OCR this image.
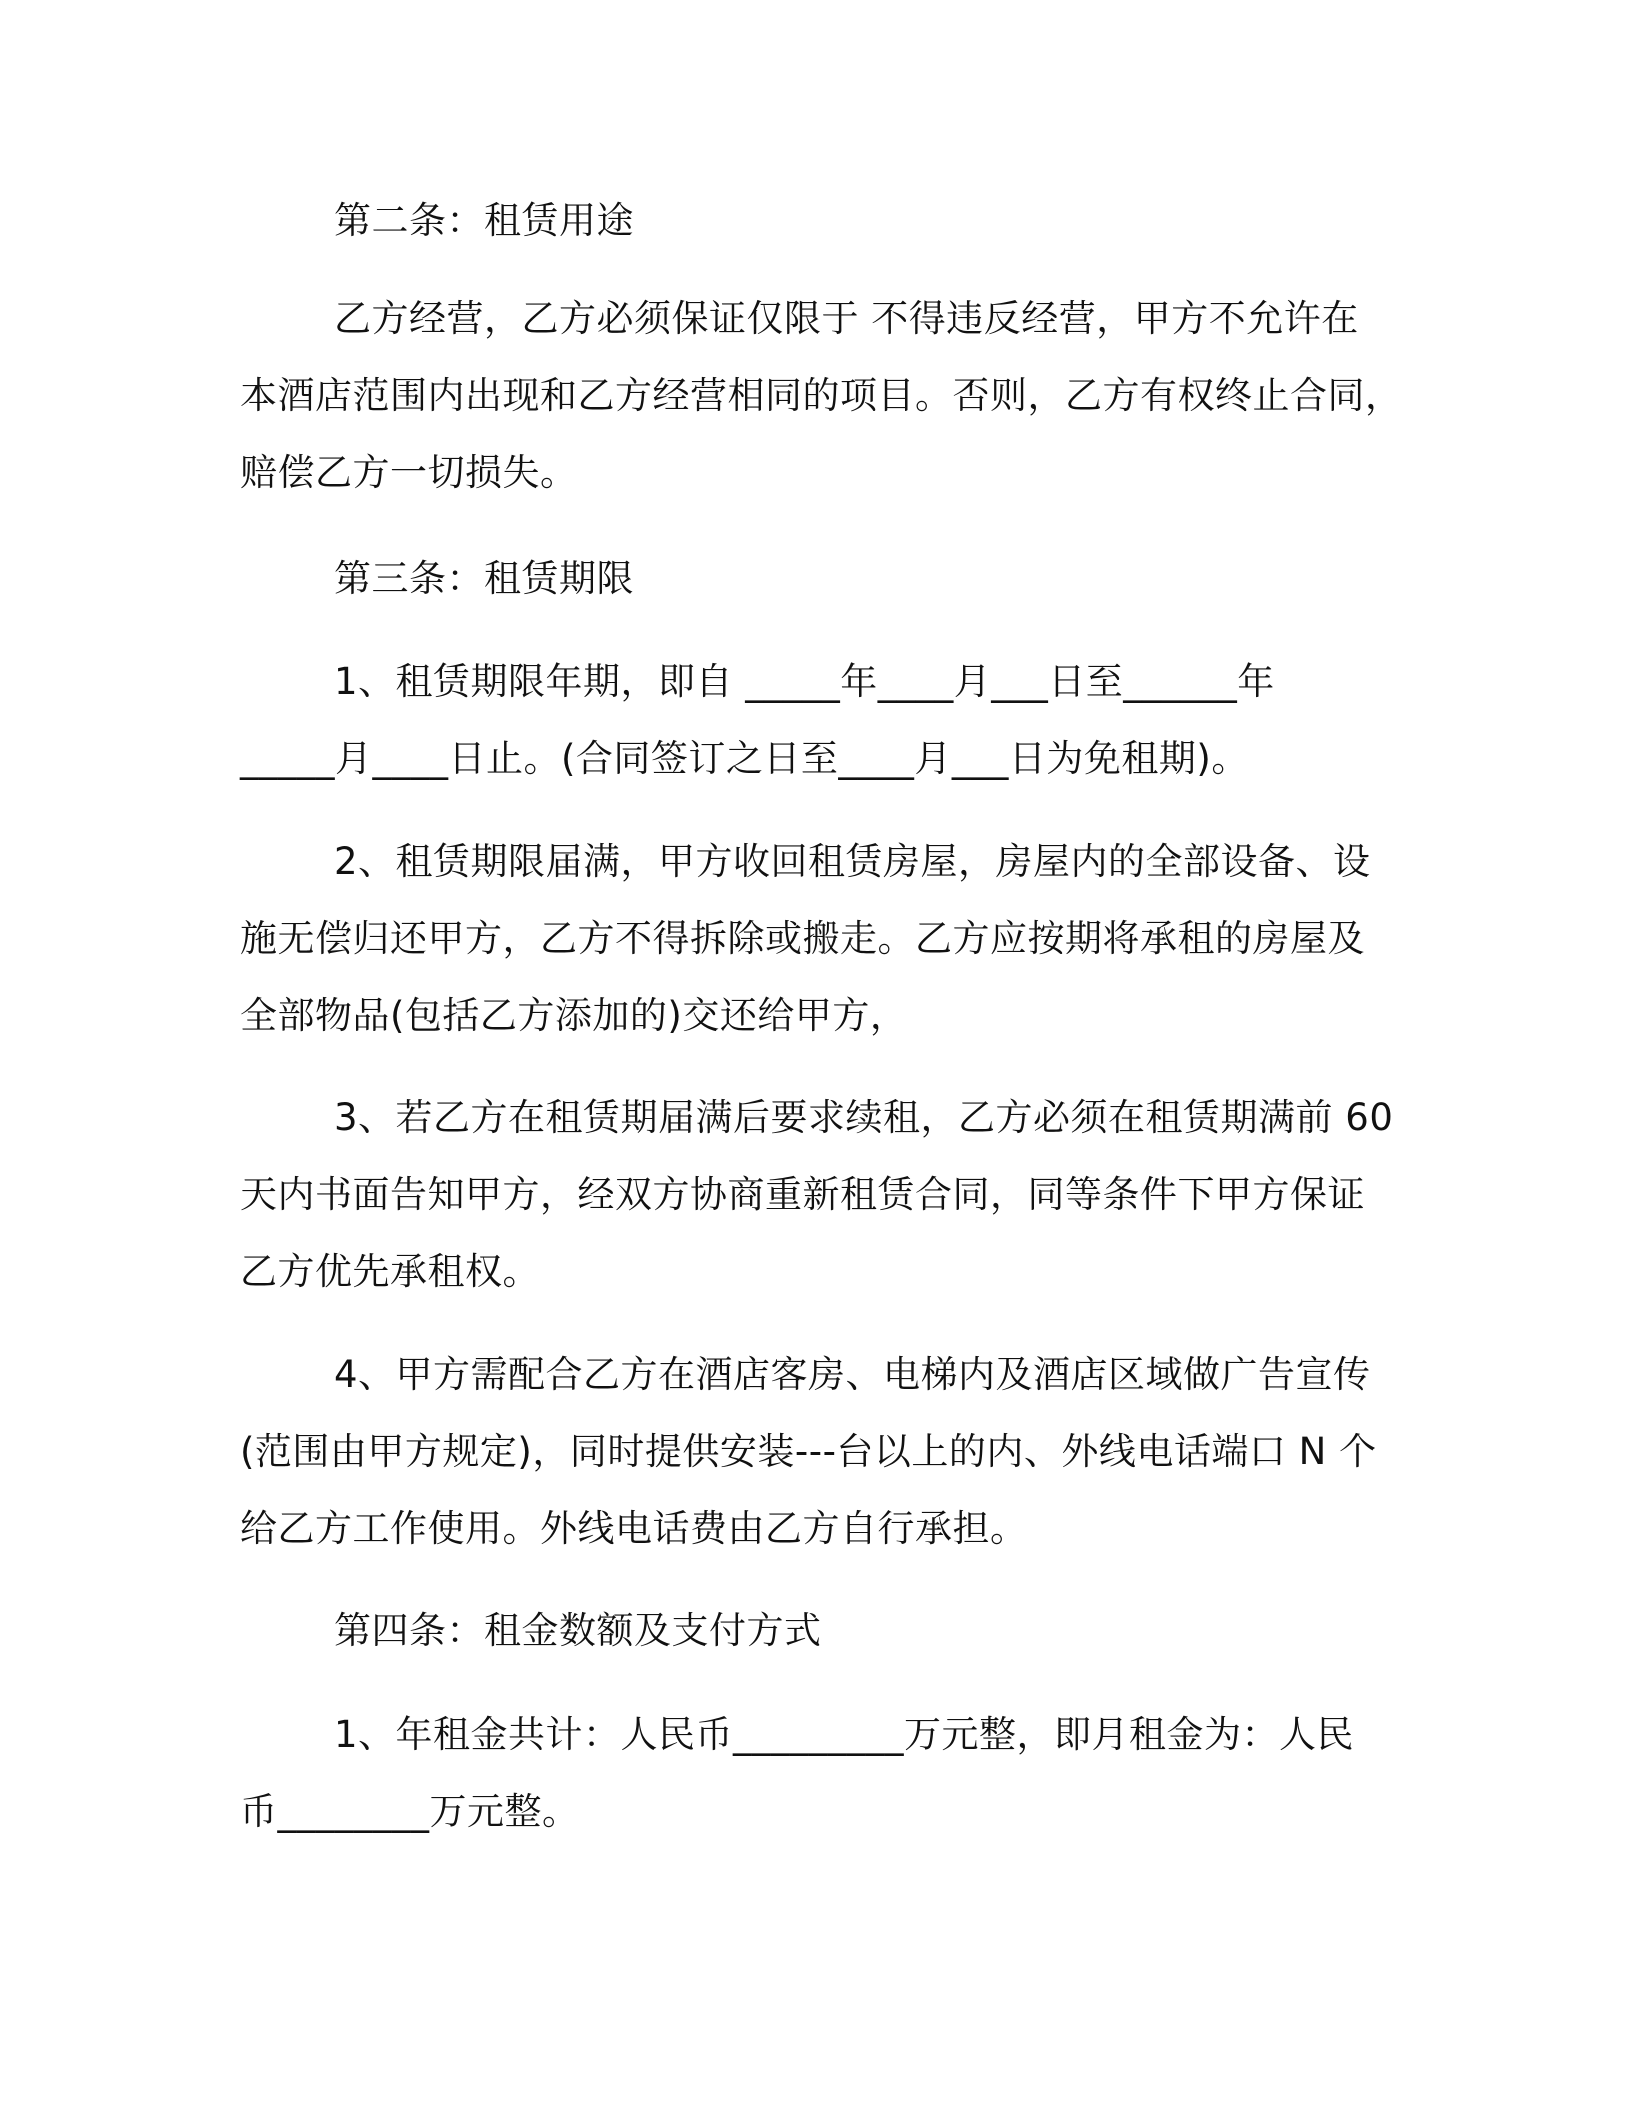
第二条：租赁用途
乙方经营，乙方必须保证仅限于 不得违反经营，甲方不允许在
本酒店范围内出现和乙方经营相同的项目。否则，乙方有权终止合同，
赔偿乙方一切损失。
第三条：租赁期限
1、租赁期限年期，即自 _____年____月___日至______年
_____月____日止。(合同签订之日至____月___日为免租期)。
2、租赁期限届满，甲方收回租赁房屋，房屋内的全部设备、设
施无偿归还甲方，乙方不得拆除或搬走。乙方应按期将承租的房屋及
全部物品(包括乙方添加的)交还给甲方，
3、若乙方在租赁期届满后要求续租，乙方必须在租赁期满前 60
天内书面告知甲方，经双方协商重新租赁合同，同等条件下甲方保证
乙方优先承租权。
4、甲方需配合乙方在酒店客房、电梯内及酒店区域做广告宣传
(范围由甲方规定)，同时提供安装---台以上的内、外线电话端口 N 个
给乙方工作使用。外线电话费由乙方自行承担。
第四条：租金数额及支付方式
1、年租金共计：人民币_________万元整，即月租金为：人民
币________万元整。
